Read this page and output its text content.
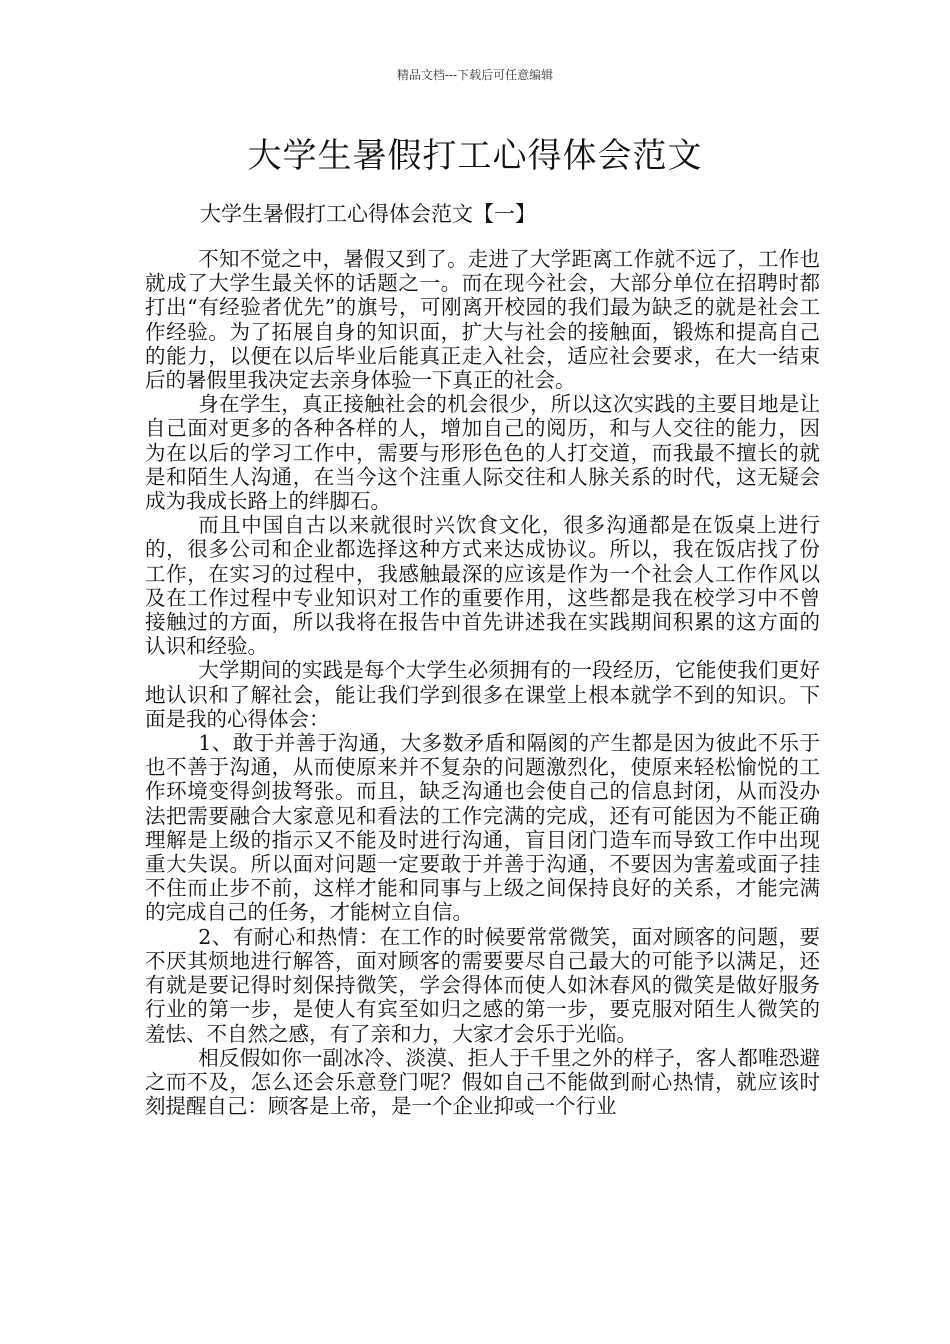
精品文档---下载后可任意编辑
大学生暑假打工心得体会范文
大学生暑假打工心得体会范文【一】

不知不觉之中，暑假又到了。走进了大学距离工作就不远了，工作也就成了大学生最关怀的话题之一。而在现今社会，大部分单位在招聘时都打出“有经验者优先”的旗号，可刚离开校园的我们最为缺乏的就是社会工作经验。为了拓展自身的知识面，扩大与社会的接触面，锻炼和提高自己的能力，以便在以后毕业后能真正走入社会，适应社会要求，在大一结束后的暑假里我决定去亲身体验一下真正的社会。

身在学生，真正接触社会的机会很少，所以这次实践的主要目地是让自己面对更多的各种各样的人，增加自己的阅历，和与人交往的能力，因为在以后的学习工作中，需要与形形色色的人打交道，而我最不擅长的就是和陌生人沟通，在当今这个注重人际交往和人脉关系的时代，这无疑会成为我成长路上的绊脚石。

而且中国自古以来就很时兴饮食文化，很多沟通都是在饭桌上进行的，很多公司和企业都选择这种方式来达成协议。所以，我在饭店找了份工作，在实习的过程中，我感触最深的应该是作为一个社会人工作作风以及在工作过程中专业知识对工作的重要作用，这些都是我在校学习中不曾接触过的方面，所以我将在报告中首先讲述我在实践期间积累的这方面的认识和经验。

大学期间的实践是每个大学生必须拥有的一段经历，它能使我们更好地认识和了解社会，能让我们学到很多在课堂上根本就学不到的知识。下面是我的心得体会：

1、敢于并善于沟通，大多数矛盾和隔阂的产生都是因为彼此不乐于也不善于沟通，从而使原来并不复杂的问题激烈化，使原来轻松愉悦的工作环境变得剑拔弩张。而且，缺乏沟通也会使自己的信息封闭，从而没办法把需要融合大家意见和看法的工作完满的完成，还有可能因为不能正确理解是上级的指示又不能及时进行沟通，盲目闭门造车而导致工作中出现重大失误。所以面对问题一定要敢于并善于沟通，不要因为害羞或面子挂不住而止步不前，这样才能和同事与上级之间保持良好的关系，才能完满的完成自己的任务，才能树立自信。

2、有耐心和热情：在工作的时候要常常微笑，面对顾客的问题，要不厌其烦地进行解答，面对顾客的需要要尽自己最大的可能予以满足，还有就是要记得时刻保持微笑，学会得体而使人如沐春风的微笑是做好服务行业的第一步，是使人有宾至如归之感的第一步，要克服对陌生人微笑的羞怯、不自然之感，有了亲和力，大家才会乐于光临。

相反假如你一副冰冷、淡漠、拒人于千里之外的样子，客人都唯恐避之而不及，怎么还会乐意登门呢？假如自己不能做到耐心热情，就应该时刻提醒自己：顾客是上帝，是一个企业抑或一个行业
